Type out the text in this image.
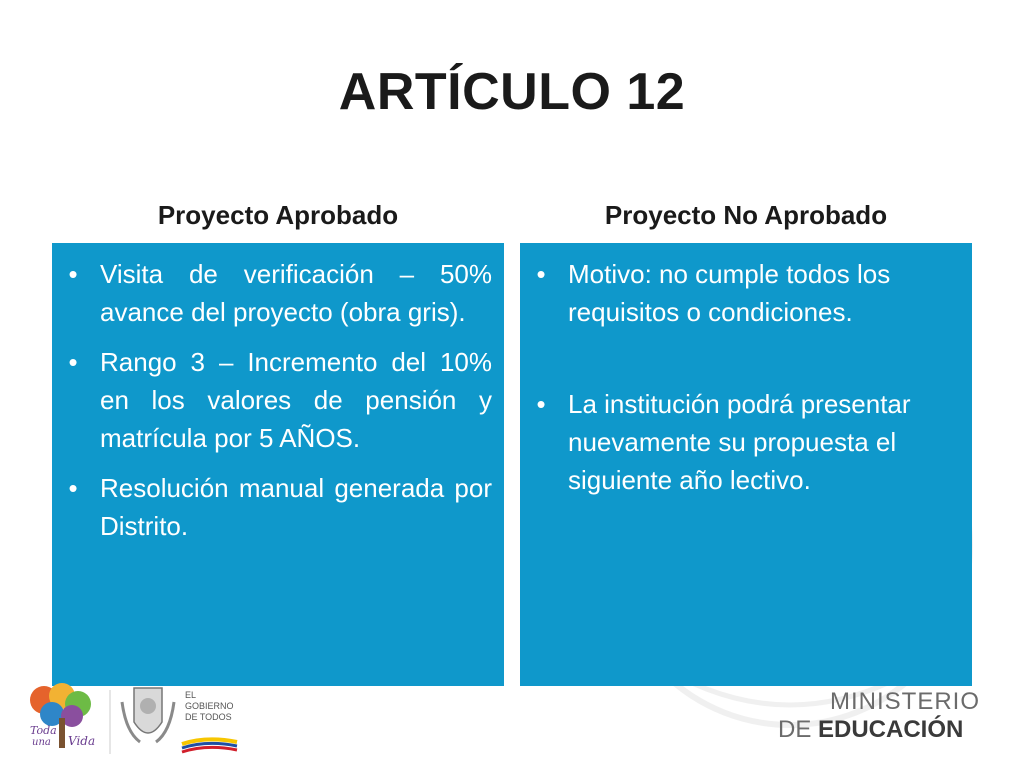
ARTÍCULO 12
Proyecto Aprobado	Proyecto No Aprobado
• Visita de verificación – 50% avance del proyecto (obra gris).
• Rango 3 – Incremento del 10% en los valores de pensión y matrícula por 5 AÑOS.
• Resolución manual generada por Distrito.
• Motivo: no cumple todos los requisitos o condiciones.
• La institución podrá presentar nuevamente su propuesta el siguiente año lectivo.
Toda
una Vida
EL
GOBIERNO
DE TODOS
MINISTERIO
DE EDUCACIÓN
